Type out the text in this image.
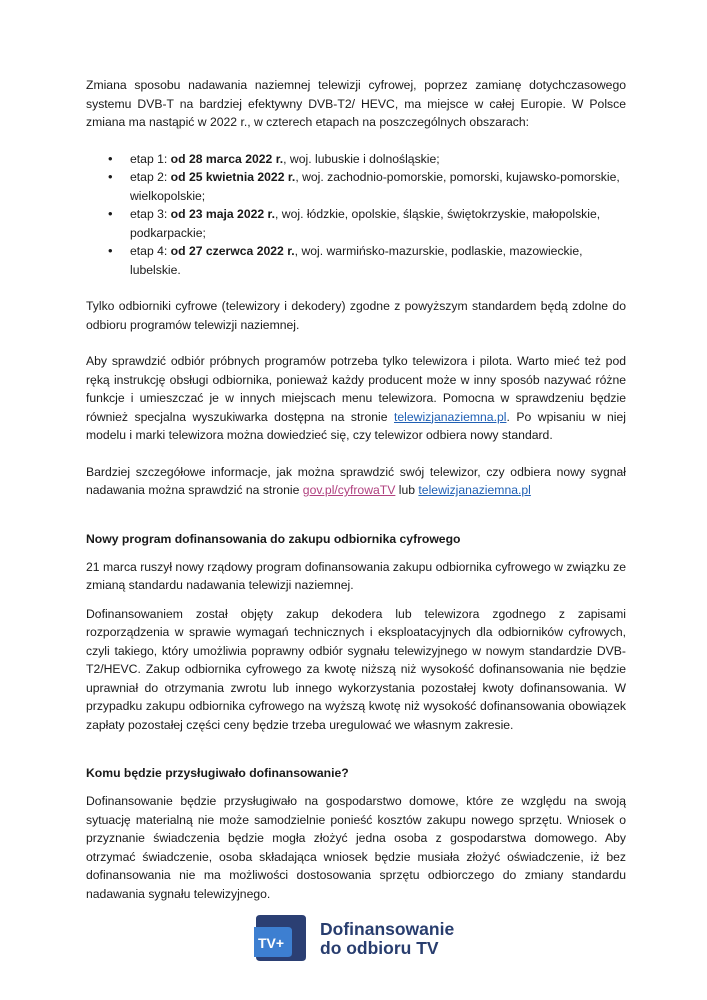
Zmiana sposobu nadawania naziemnej telewizji cyfrowej, poprzez zamianę dotychczasowego systemu DVB-T na bardziej efektywny DVB-T2/ HEVC, ma miejsce w całej Europie. W Polsce zmiana ma nastąpić w 2022 r., w czterech etapach na poszczególnych obszarach:

• etap 1: od 28 marca 2022 r., woj. lubuskie i dolnośląskie;
• etap 2: od 25 kwietnia 2022 r., woj. zachodnio-pomorskie, pomorski, kujawsko-pomorskie, wielkopolskie;
• etap 3: od 23 maja 2022 r., woj. łódzkie, opolskie, śląskie, świętokrzyskie, małopolskie, podkarpackie;
• etap 4: od 27 czerwca 2022 r., woj. warmińsko-mazurskie, podlaskie, mazowieckie, lubelskie.

Tylko odbiorniki cyfrowe (telewizory i dekodery) zgodne z powyższym standardem będą zdolne do odbioru programów telewizji naziemnej.

Aby sprawdzić odbiór próbnych programów potrzeba tylko telewizora i pilota. Warto mieć też pod ręką instrukcję obsługi odbiornika, ponieważ każdy producent może w inny sposób nazywać różne funkcje i umieszczać je w innych miejscach menu telewizora. Pomocna w sprawdzeniu będzie również specjalna wyszukiwarka dostępna na stronie telewizjanaziemna.pl. Po wpisaniu w niej modelu i marki telewizora można dowiedzieć się, czy telewizor odbiera nowy standard.

Bardziej szczegółowe informacje, jak można sprawdzić swój telewizor, czy odbiera nowy sygnał nadawania można sprawdzić na stronie gov.pl/cyfrowaTV lub telewizjanaziemna.pl

Nowy program dofinansowania do zakupu odbiornika cyfrowego

21 marca ruszył nowy rządowy program dofinansowania zakupu odbiornika cyfrowego w związku ze zmianą standardu nadawania telewizji naziemnej.

Dofinansowaniem został objęty zakup dekodera lub telewizora zgodnego z zapisami rozporządzenia w sprawie wymagań technicznych i eksploatacyjnych dla odbiorników cyfrowych, czyli takiego, który umożliwia poprawny odbiór sygnału telewizyjnego w nowym standardzie DVB-T2/HEVC. Zakup odbiornika cyfrowego za kwotę niższą niż wysokość dofinansowania nie będzie uprawniał do otrzymania zwrotu lub innego wykorzystania pozostałej kwoty dofinansowania. W przypadku zakupu odbiornika cyfrowego na wyższą kwotę niż wysokość dofinansowania obowiązek zapłaty pozostałej części ceny będzie trzeba uregulować we własnym zakresie.

Komu będzie przysługiwało dofinansowanie?

Dofinansowanie będzie przysługiwało na gospodarstwo domowe, które ze względu na swoją sytuację materialną nie może samodzielnie ponieść kosztów zakupu nowego sprzętu. Wniosek o przyznanie świadczenia będzie mogła złożyć jedna osoba z gospodarstwa domowego. Aby otrzymać świadczenie, osoba składająca wniosek będzie musiała złożyć oświadczenie, iż bez dofinansowania nie ma możliwości dostosowania sprzętu odbiorczego do zmiany standardu nadawania sygnału telewizyjnego.

TV+
Dofinansowanie
do odbioru TV
